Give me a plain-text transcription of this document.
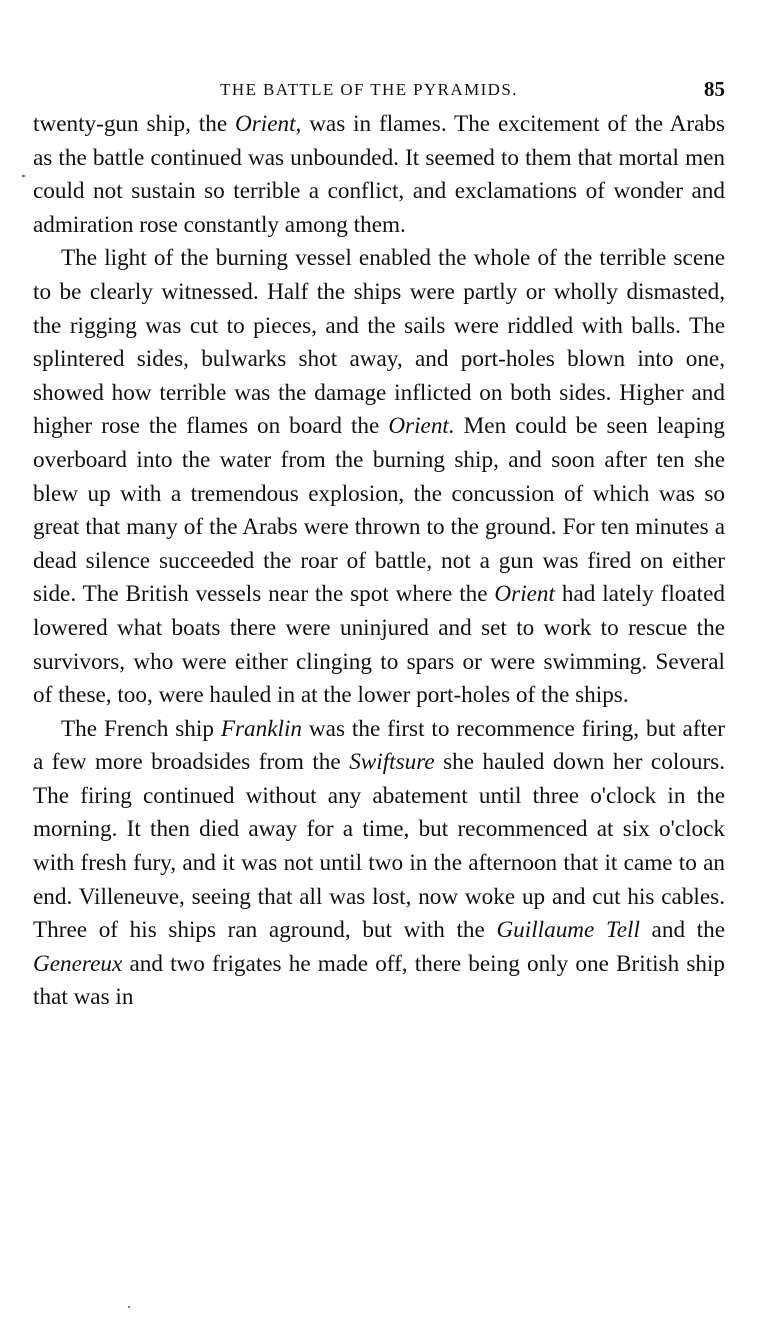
THE BATTLE OF THE PYRAMIDS.	85

twenty-gun ship, the Orient, was in flames. The excitement of the Arabs as the battle continued was unbounded. It seemed to them that mortal men could not sustain so terrible a conflict, and exclamations of wonder and admiration rose constantly among them.

The light of the burning vessel enabled the whole of the terrible scene to be clearly witnessed. Half the ships were partly or wholly dismasted, the rigging was cut to pieces, and the sails were riddled with balls. The splintered sides, bulwarks shot away, and port-holes blown into one, showed how terrible was the damage inflicted on both sides. Higher and higher rose the flames on board the Orient. Men could be seen leaping overboard into the water from the burning ship, and soon after ten she blew up with a tremendous explosion, the concussion of which was so great that many of the Arabs were thrown to the ground. For ten minutes a dead silence succeeded the roar of battle, not a gun was fired on either side. The British vessels near the spot where the Orient had lately floated lowered what boats there were uninjured and set to work to rescue the survivors, who were either clinging to spars or were swimming. Several of these, too, were hauled in at the lower port-holes of the ships.

The French ship Franklin was the first to recommence firing, but after a few more broadsides from the Swiftsure she hauled down her colours. The firing continued without any abatement until three o'clock in the morning. It then died away for a time, but recommenced at six o'clock with fresh fury, and it was not until two in the afternoon that it came to an end. Villeneuve, seeing that all was lost, now woke up and cut his cables. Three of his ships ran aground, but with the Guillaume Tell and the Genereux and two frigates he made off, there being only one British ship that was in
